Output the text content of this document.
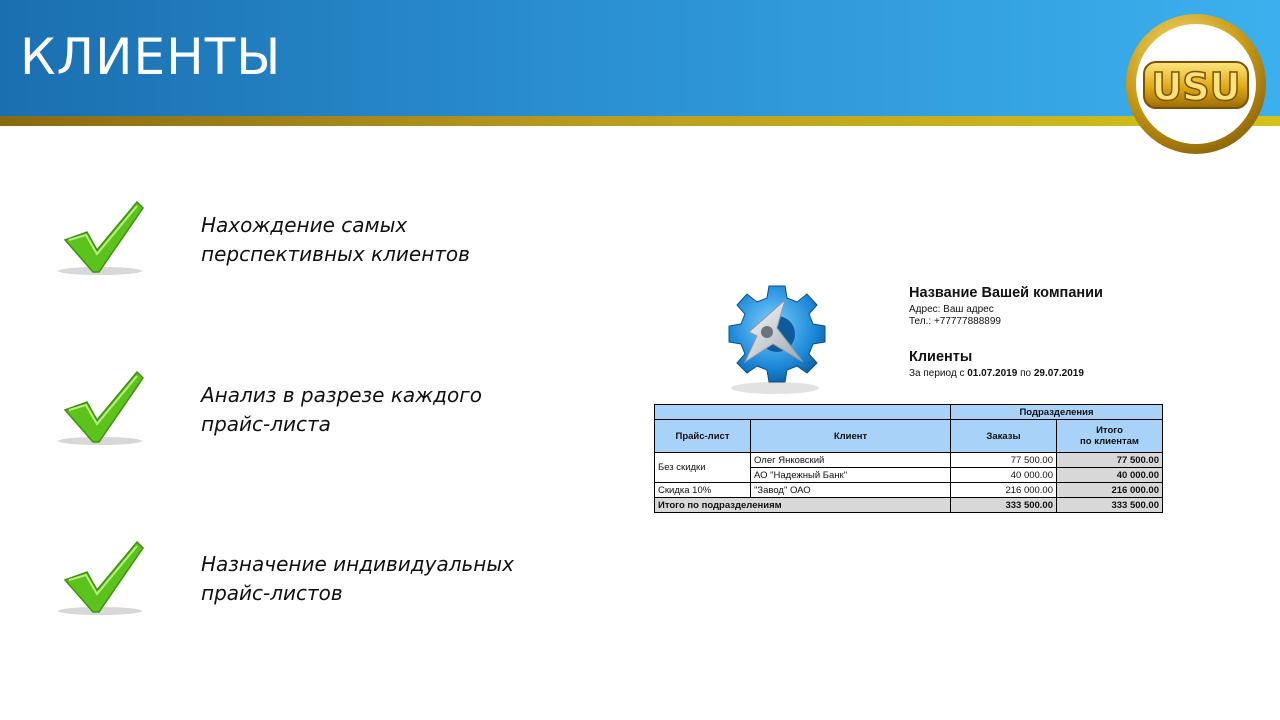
КЛИЕНТЫ
USU
Нахождение самых
перспективных клиентов
Анализ в разрезе каждого
прайс-листа
Назначение индивидуальных
прайс-листов
Название Вашей компании
Адрес: Ваш адрес
Тел.: +77777888899
Клиенты
За период с 01.07.2019 по 29.07.2019
		Подразделения	
Прайс-лист	Клиент	Заказы	Итого
по клиентам
Без скидки	Олег Янковский	77 500.00	77 500.00
	АО "Надежный Банк"	40 000.00	40 000.00
Скидка 10%	"Завод" ОАО	216 000.00	216 000.00
Итого по подразделениям		333 500.00	333 500.00
